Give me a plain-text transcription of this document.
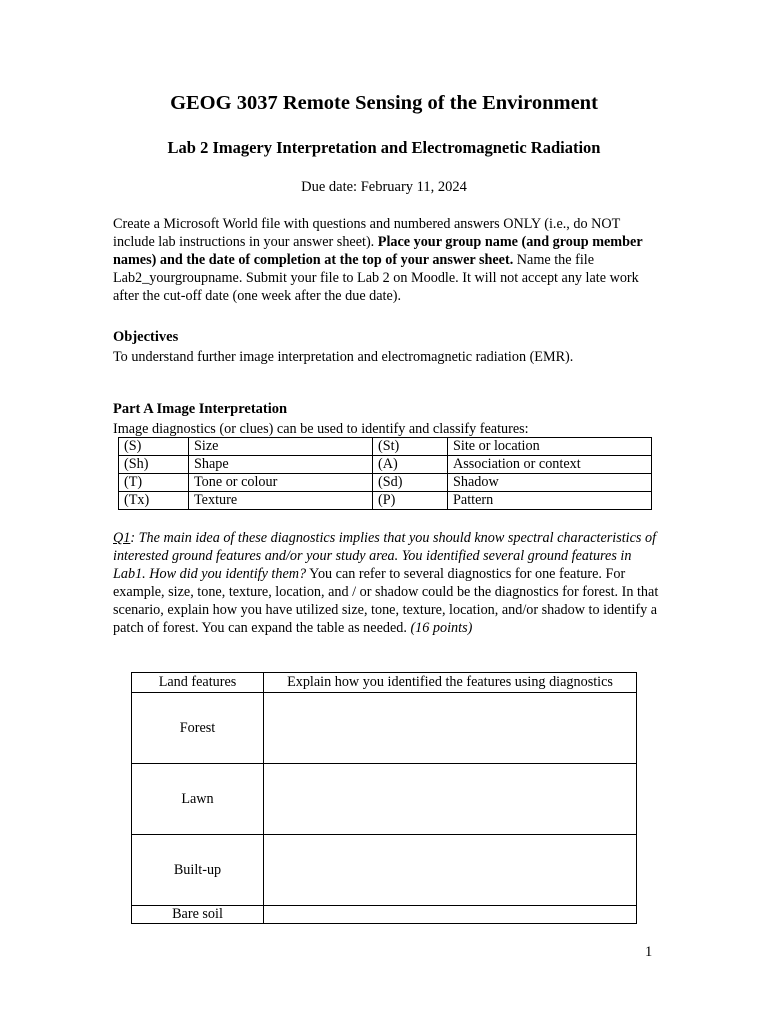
GEOG 3037 Remote Sensing of the Environment
Lab 2 Imagery Interpretation and Electromagnetic Radiation

Due date: February 11, 2024

Create a Microsoft World file with questions and numbered answers ONLY (i.e., do NOT include lab instructions in your answer sheet). Place your group name (and group member names) and the date of completion at the top of your answer sheet. Name the file Lab2_yourgroupname. Submit your file to Lab 2 on Moodle. It will not accept any late work after the cut-off date (one week after the due date).

Objectives

To understand further image interpretation and electromagnetic radiation (EMR).

Part A Image Interpretation

Image diagnostics (or clues) can be used to identify and classify features:

(S)	Size	(St)	Site or location
(Sh)	Shape	(A)	Association or context
(T)	Tone or colour	(Sd)	Shadow
(Tx)	Texture	(P)	Pattern

Q1: The main idea of these diagnostics implies that you should know spectral characteristics of interested ground features and/or your study area. You identified several ground features in Lab1. How did you identify them? You can refer to several diagnostics for one feature. For example, size, tone, texture, location, and / or shadow could be the diagnostics for forest. In that scenario, explain how you have utilized size, tone, texture, location, and/or shadow to identify a patch of forest. You can expand the table as needed. (16 points)

Land features	Explain how you identified the features using diagnostics
Forest	
Lawn	
Built-up	
Bare soil	
1
